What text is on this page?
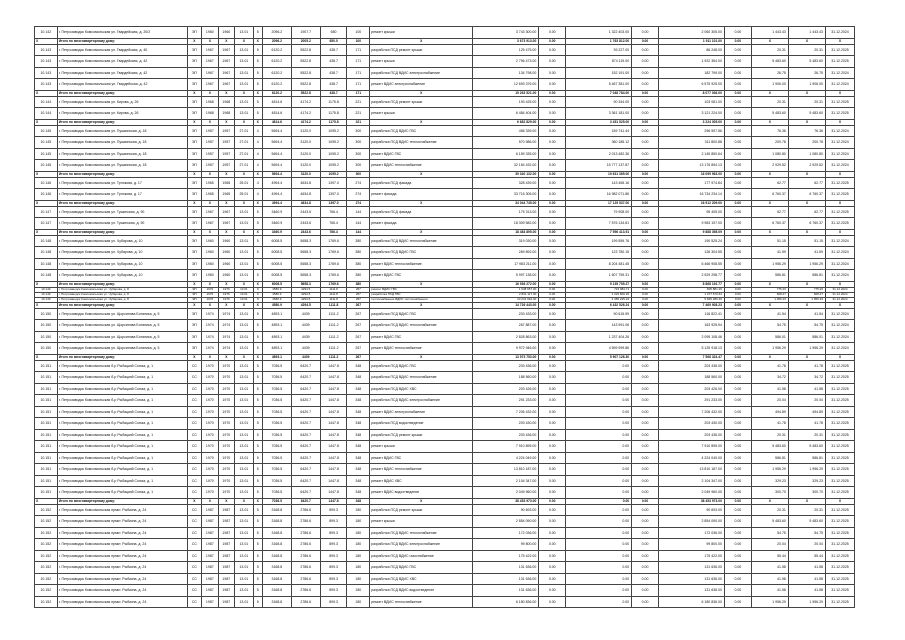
10.142	г. Петрозаводск Комсомольская ул. Гвардейская, д. 20/2	ЭП	1960	1960	13.01	5	2096.2	1907.7	650	100	ремонт крыши	3 743 300.00	0.00	1 322 403.00	0.00	2 060 305.00	0.00	1 443.43	1 443.43	31.12.2024
X	Итого по многоквартирному дому:	X	X	X	X	X	2096.2	2005.2	650.0	100	X	3 673 913.00	0.00	1 763 812.00	0.00	1 911 101.00	0.00	X	X	X
10.143	г. Петрозаводск Комсомольская ул. Гвардейская, д. 40	ЭП	1967	1967	13.01	5	6120.2	5522.8	438.7	171	разработка ПСД ремонт крыши	125 475.00	0.00	39 227.00	0.00	86 248.00	0.00	20.31	20.31	31.12.2025
10.143	г. Петрозаводск Комсомольская ул. Гвардейская, д. 42	ЭП	1967	1967	13.01	5	6120.2	5522.8	438.7	171	ремонт крыши	2 796 473.00	0.00	874 119.00	0.00	1 922 354.00	0.00	5 483.60	5 483.60	31.12.2025
10.143	г. Петрозаводск Комсомольская ул. Гвардейская, д. 42	ЭП	1967	1967	13.01	5	6120.2	5522.8	438.7	171	разработка ПСД ВДИС электроснабжение	134 798.00	0.00	152 191.00	0.00	182 799.00	0.00	26.75	26.75	31.12.2024
10.143	г. Петрozаводск Комсомольская ул. Гвардейская, д. 42	ЭП	1967	1967	13.01	5	6120.2	5522.8	438.7	171	ремонт ВДИС электроснабжение	12 693 376.00	0.00	5 467 381.00	0.00	6 575 925.00	0.00	1 906.00	1 906.00	31.12.2024
X	Итого по многоквартирному дому:	X	X	X	X	X	6120.2	5522.8	438.7	171	X	15 263 521.00	0.00	7 048 784.00	0.00	8 077 036.00	0.00	X	X	X
10.144	г. Петрозаводск Комсомольская ул. Кирова, д. 26	ЭП	1968	1968	13.01	5	4814.6	4174.2	1175.8	221	разработка ПСД ремонт крыши	193 425.00	0.00	90 344.00	0.00	103 081.00	0.00	20.31	20.31	31.12.2025
10.144	г. Петрозаводск Комсомольская ул. Кирова, д. 26	ЭП	1968	1968	13.01	5	4814.6	4174.2	1175.8	221	ремонт крыши	6 484 404.00	0.00	3 361 181.00	0.00	3 121 224.00	0.00	5 483.60	5 483.60	31.12.2025
X	Итого по многоквартирному дому:	X	X	X	X	X	4814.6	4174.2	1175.8	221	X	6 682 829.00	0.00	3 451 525.00	0.00	3 224 305.00	0.00	X	X	X
10.145	г. Петрозаводск Комсомольская ул. Пушкинская, д. 18	ЭП	1957	1957	27.01	4	5694.4	3120.0	1095.2	300	разработка ПСД ВДИС ГВС	456 339.00	0.00	159 741.44	0.00	296 597.56	0.00	76.36	76.36	31.12.2024
10.145	г. Петрозаводск Комсомольская ул. Пушкинская, д. 18	ЭП	1957	1957	27.01	4	5694.4	3120.0	1095.2	300	разработка ПСД ВДИС теплоснабжение	570 986.00	0.00	360 185.12	0.00	311 800.88	0.00	200.78	200.78	31.12.2024
10.145	г. Петрозаводск Комсомольская ул. Пушкинская, д. 18	ЭП	1957	1957	27.01	4	5694.4	3120.0	1095.2	300	ремонт ВДИС ГВС	6 159 335.00	0.00	2 013 482.36	0.00	2 145 850.64	0.00	1 080.80	1 080.80	31.12.2024
10.145	г. Петрозаводск Комсомольская ул. Пушкинская, д. 18	ЭП	1957	1957	27.01	4	5694.4	3120.0	1095.2	300	ремонт ВДИС теплоснабжение	32 154 432.00	0.00	15 777 137.87	0.00	13 176 894.13	0.00	2 929.52	2 929.52	31.12.2024
X	Итого по многоквартирному дому:	X	X	X	X	X	5694.4	3120.0	1095.2	300	X	39 340 132.00	0.00	19 631 365.00	0.00	16 099 963.00	0.00	X	X	X
10.146	г. Петрозаводск Комсомольская ул. Тргюкова, д. 17	ЭП	1965	1965	25.01	4	4994.4	4634.8	1397.0	274	разработка ПСД фасада	328 439.00	0.00	143 465.16	0.00	177 974.84	0.00	62.77	62.77	31.12.2025
10.146	г. Петрозаводск Комсомольская ул. Тргюкова, д. 17	ЭП	1965	1965	25.01	4	4994.4	4634.8	1397.0	274	ремонт фасада	33 716 306.00	0.00	16 982 071.86	0.00	16 734 234.14	0.00	6 760.37	6 760.37	31.12.2025
X	Итого по многоквартирному дому:	X	X	X	X	X	4994.4	4634.8	1397.0	274	X	34 044 745.00	0.00	17 125 537.00	0.00	16 912 209.00	0.00	X	X	X
10.147	г. Петрозаводск Комсомольская ул. Тушинская, д. 90	ЭП	1967	1967	13.01	5	3460.9	2443.6	766.4	144	разработка ПСД фасада	175 313.00	0.00	79 908.00	0.00	95 405.00	0.00	62.77	62.77	31.12.2025
10.147	г. Петрозаводск Комсомольская ул. Тушинская, д. 90	ЭП	1967	1967	13.01	5	3460.9	2443.6	766.4	144	ремонт фасада	18 309 582.00	0.00	7 576 134.81	0.00	9 983 197.00	0.00	6 760.37	6 760.37	31.12.2025
X	Итого по многоквартирному дому:	X	X	X	X	X	3460.9	2443.6	766.4	144	X	18 484 895.00	0.00	7 596 413.91	0.00	9 888 398.09	0.00	X	X	X
10.148	г. Петрозаводск Комсомольская ул. Чубарова, д. 10	ЭП	1960	1960	13.01	5	6008.5	5658.3	1769.6	380	разработка ПСД ВДИС теплоснабжение	319 030.00	0.00	199 559.76	0.00	190 525.24	0.00	51.15	51.15	31.12.2024
10.148	г. Петрозаводск Комсомольская ул. Чубарова, д. 10	ЭП	1960	1960	13.01	5	6008.5	5658.3	1769.6	380	разработка ПСД ВДИС ГВС	269 892.00	0.00	123 780.15	0.00	126 304.55	0.00	41.59	41.59	31.12.2024
10.148	г. Петрозаводск Комсомольская ул. Чубарова, д. 10	ЭП	1960	1960	13.01	5	6008.5	5658.3	1769.6	380	ремонт ВДИС теплоснабжение	17 983 211.00	0.00	8 204 481.45	0.00	6 466 908.55	0.00	1 956.29	1 956.29	31.12.2024
10.148	г. Петрозаводск Комсомольская ул. Чубарова, д. 10	ЭП	1960	1960	13.01	5	6008.5	5658.3	1769.6	380	ремонт ВДИС ГВС	5 997 138.00	0.00	1 607 759.31	0.00	2 529 298.77	0.00	586.81	586.81	31.12.2024
X	Итого по многоквартирному дому:	X	X	X	X	X	6008.5	5658.3	1769.6	380	X	16 936 272.00	0.00	9 135 755.27	0.00	8 868 192.77	0.00	X	X	X
10.149	г. Петрозаводск Комсомольская ул. Чубарова, д. 8	ЭП	1976	1976	13.01	9	4580.9	4294.5	1111.8	267	ремонт ВДИС ГВС	1 638 657.00	0.00	723 984.71	0.00	905 881.29	0.00	775.26	775.26	31.12.2024
10.149	г. Петрозаводск Комсомольская ул. Чубарова, д. 8	ЭП	1976	1976	13.01	9	4580.9	4294.5	1111.8	267	разработка ПСД ГВС	2 831 117.00	0.00	1 223 800.26	0.00	1 377 670.64	0.00	608.27	608.27	31.12.2024
10.149	г. Петрозаводск Комсомольская ул. Чубарова, д. 8	ЭП	1976	1976	13.01	9	4580.9	4294.5	1111.8	267	теплоснабжение ВДИС теплоснабжения	10 231 094.00	0.00	4 365 225.24	0.00	5 845 286.46	0.00	1 956.29	1 956.29	31.12.2024
X	Итого по многоквартирному дому:	X	X	X	X	X	4580.9	4294.5	1111.8	267	X	14 726 443.00	0.00	6 432 526.24	0.00	7 469 908.23	0.00	X	X	X
10.150	г. Петрозаводск Комсомольская ул. Щорсинова Ботаника, д. 5	ЭП	1974	1974	13.01	5	4893.1	4439	1111.2	267	разработка ПСД ВДИС ГВС	203 433.00	0.00	90 615.59	0.00	116 822.41	0.00	41.54	41.54	31.12.2024
10.150	г. Петрозаводск Комсомольская ул. Щорсинова Ботаника, д. 5	ЭП	1974	1974	13.01	5	4893.1	4439	1111.2	267	разработка ПСД ВДИС теплоснабжение	267 887.00	0.00	143 991.06	0.00	163 925.94	0.00	54.75	54.75	31.12.2024
10.150	г. Петрозаводск Комсомольская ул. Щорсинова Ботаника, д. 5	ЭП	1974	1974	13.01	5	4893.1	4439	1111.2	267	ремонт ВДИС ГВС	2 828 863.00	0.00	1 237 404.26	0.00	2 095 108.46	0.00	586.01	586.01	31.12.2024
10.150	г. Петрозаводск Комсомольская ул. Щорсинова Ботаника, д. 5	ЭП	1974	1974	13.01	5	4893.1	4439	1111.2	267	ремонт ВДИС теплоснабжение	9 972 946.00	0.00	4 599 999.86	0.00	5 125 918.13	0.00	1 956.29	1 956.29	31.12.2024
X	Итого по многоквартирному дому:	X	X	X	X	X	4893.1	4439	1111.2	267	X	13 973 753.00	0.00	5 907 126.30	0.00	7 568 324.47	0.00	X	X	X
10.151	г. Петрозаводск Комсомольская б-р Рыбацкий Союза, д. 1	СС	1970	1970	13.01	5	7036.5	6420.7	1447.8	348	разработка ПСД ВДИС ГВС	203 436.00	0.00	0.00	0.00	203 436.00	0.00	41.78	41.78	31.12.2025
10.151	г. Петрозаводск Комсомольская б-р Рыбацкий Союза, д. 1	СС	1970	1970	13.01	5	7036.5	6420.7	1447.8	348	разработка ПСД ВДИС теплоснабжение	188 560.00	0.00	0.00	0.00	188 560.00	0.00	34.72	34.72	31.12.2025
10.151	г. Петрозаводск Комсомольская б-р Рыбацкий Союза, д. 1	СС	1970	1970	13.01	5	7036.5	6420.7	1447.8	348	разработка ПСД ВДИС ХВС	203 426.00	0.00	0.00	0.00	203 426.00	0.00	41.58	41.58	31.12.2025
10.151	г. Петрозаводск Комсомольская б-р Рыбацкий Союза, д. 1	СС	1970	1970	13.01	5	7036.5	6420.7	1447.8	348	разработка ПСД ВДИС электроснабжение	291 233.00	0.00	0.00	0.00	291 233.00	0.00	20.04	20.04	31.12.2025
10.151	г. Петрозаводск Комсомольская б-р Рыбацкий Союза, д. 1	СС	1970	1970	13.01	5	7036.5	6420.7	1447.8	348	ремонт ВДИС электроснабжение	7 206 432.00	0.00	0.00	0.00	7 206 432.00	0.00	494.89	494.89	31.12.2025
10.151	г. Петрозаводск Комсомольская б-р Рыбацкий Союза, д. 1	СС	1970	1970	13.01	5	7036.5	6420.7	1447.8	348	разработка ПСД водоотведение	203 430.00	0.00	0.00	0.00	203 430.00	0.00	41.78	41.78	31.12.2025
10.151	г. Петрозаводск Комсомольская б-р Рыбацкий Союза, д. 1	СС	1970	1970	13.01	5	7036.5	6420.7	1447.8	348	разработка ПСД ремонт крыши	203 436.00	0.00	0.00	0.00	203 436.00	0.00	20.31	20.31	31.12.2025
10.151	г. Петрозаводск Комсомольская б-р Рыбацкий Союза, д. 1	СС	1970	1970	13.01	5	7036.5	6420.7	1447.8	348	ремонт крыши	7 910 895.00	0.00	0.00	0.00	7 910 895.00	0.00	5 483.60	5 483.60	31.12.2025
10.151	г. Петрозаводск Комсомольская б-р Рыбацкий Союза, д. 1	СС	1970	1970	13.01	5	7036.5	6420.7	1447.8	348	ремонт ВДИС ГВС	4 224 049.00	0.00	0.00	0.00	4 224 049.00	0.00	586.81	586.81	31.12.2025
10.151	г. Петрозаводск Комсомольская б-р Рыбацкий Союза, д. 1	СС	1970	1970	13.01	5	7036.5	6420.7	1447.8	348	ремонт ВДИС теплоснабжение	13 810 187.00	0.00	0.00	0.00	13 810 187.00	0.00	1 956.29	1 956.29	31.12.2025
10.151	г. Петрозаводск Комсомольская б-р Рыбацкий Союза, д. 1	СС	1970	1970	13.01	5	7036.5	6420.7	1447.8	348	ремонт ВДИС ХВС	2 104 347.00	0.00	0.00	0.00	2 104 347.00	0.00	329.23	329.23	31.12.2025
10.151	г. Петрозаводск Комсомольская б-р Рыбацкий Союза, д. 1	СС	1970	1970	13.01	5	7036.5	6420.7	1447.8	348	ремонт ВДИС водоотведение	2 049 960.00	0.00	0.00	0.00	2 049 960.00	0.00	300.70	300.70	31.12.2025
X	Итого по многоквартирному дому:	X	X	X	X	X	7036.5	6420.7	1447.8	348	X	38 453 973.00	0.00	0.00	0.00	38 453 973.00	0.00	X	X	X
10.152	г. Петрозаводск Комсомольская прмкт. Рыбкина, д. 24	СС	1987	1987	13.01	5	3168.8	2786.6	899.3	180	разработка ПСД ремонт крыши	90 693.00	0.00	0.00	0.00	90 693.00	0.00	20.31	20.31	31.12.2025
10.152	г. Петрозаводск Комсомольская прмкт. Рыбкина, д. 24	СС	1987	1987	13.01	5	3168.8	2786.6	899.3	180	ремонт крыши	2 854 090.00	0.00	0.00	0.00	2 854 090.00	0.00	5 483.60	5 483.60	31.12.2025
10.152	г. Петрозаводск Комсомольская прмкт. Рыбкина, д. 24	СС	1987	1987	13.01	5	3168.8	2786.6	899.3	180	разработка ПСД ВДИС теплоснабжение	172 036.00	0.00	0.00	0.00	172 036.00	0.00	54.75	54.75	31.12.2025
10.152	г. Петрозаводск Комсомольская прмкт. Рыбкина, д. 24	СС	1987	1987	13.01	5	3168.8	2786.6	899.3	180	разработка ПСД ВДИС электроснабжение	99 800.00	0.00	0.00	0.00	99 800.00	0.00	20.04	20.04	31.12.2025
10.152	г. Петрозаводск Комсомольская прмкт. Рыбкина, д. 24	СС	1987	1987	13.01	5	3168.8	2786.6	899.3	180	разработка ПСД ВДИС газоснабжение	175 422.00	0.00	0.00	0.00	175 422.00	0.00	55.44	55.44	31.12.2025
10.152	г. Петрозаводск Комсомольская прмкт. Рыбкина, д. 24	СС	1987	1987	13.01	5	3168.8	2786.6	899.3	180	разработка ПСД ВДИС ГВС	131 636.00	0.00	0.00	0.00	131 636.00	0.00	41.58	41.58	31.12.2025
10.152	г. Петрозаводск Комсомольская прмкт. Рыбкина, д. 24	СС	1987	1987	13.01	5	3168.8	2786.6	899.3	180	разработка ПСД ВДИС ХВС	131 636.00	0.00	0.00	0.00	131 636.00	0.00	41.58	41.58	31.12.2025
10.152	г. Петрозаводск Комсомольская прмкт. Рыбкина, д. 24	СС	1987	1987	13.01	5	3168.8	2786.6	899.3	180	разработка ПСД ВДИС водоотведение	131 636.00	0.00	0.00	0.00	131 636.00	0.00	41.58	41.58	31.12.2025
10.152	г. Петрозаводск Комсомольская прмкт. Рыбкина, д. 24	СС	1987	1987	13.01	5	3168.8	2786.6	899.3	180	ремонт ВДИС теплоснабжение	6 180 836.00	0.00	0.00	0.00	6 180 836.00	0.00	1 956.29	1 956.29	31.12.2025
